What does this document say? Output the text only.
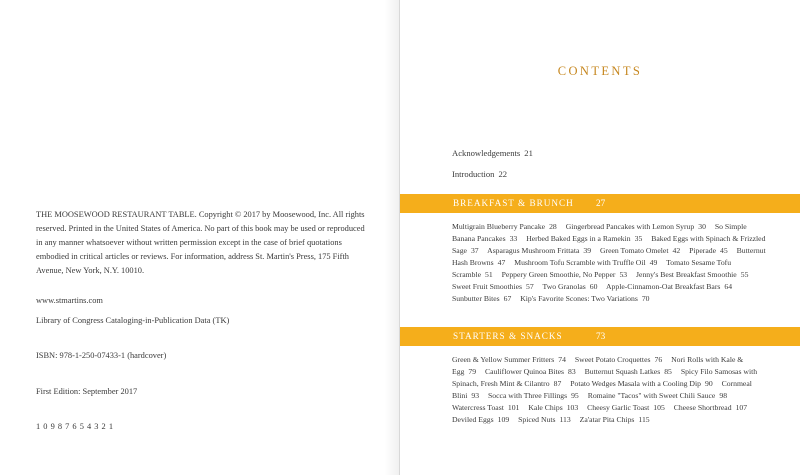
THE MOOSEWOOD RESTAURANT TABLE. Copyright © 2017 by Moosewood, Inc. All rights reserved. Printed in the United States of America. No part of this book may be used or reproduced in any manner whatsoever without written permission except in the case of brief quotations embodied in critical articles or reviews. For information, address St. Martin's Press, 175 Fifth Avenue, New York, N.Y. 10010.

www.stmartins.com
Library of Congress Cataloging-in-Publication Data (TK)
ISBN: 978-1-250-07433-1 (hardcover)
First Edition: September 2017
1 0 9 8 7 6 5 4 3 2 1
CONTENTS
Acknowledgements 21
Introduction 22
BREAKFAST & BRUNCH 27

Multigrain Blueberry Pancake 28 Gingerbread Pancakes with Lemon Syrup 30 So Simple Banana Pancakes 33 Herbed Baked Eggs in a Ramekin 35 Baked Eggs with Spinach & Frizzled Sage 37 Asparagus Mushroom Frittata 39 Green Tomato Omelet 42 Piperade 45 Butternut Hash Browns 47 Mushroom Tofu Scramble with Truffle Oil 49 Tomato Sesame Tofu Scramble 51 Peppery Green Smoothie, No Pepper 53 Jenny's Best Breakfast Smoothie 55 Sweet Fruit Smoothies 57 Two Granolas 60 Apple-Cinnamon-Oat Breakfast Bars 64 Sunbutter Bites 67 Kip's Favorite Scones: Two Variations 70

STARTERS & SNACKS	73

Green & Yellow Summer Fritters 74 Sweet Potato Croquettes 76 Nori Rolls with Kale & Egg 79 Cauliflower Quinoa Bites 83 Butternut Squash Latkes 85 Spicy Filo Samosas with Spinach, Fresh Mint & Cilantro 87 Potato Wedges Masala with a Cooling Dip 90 Cornmeal Blini 93 Socca with Three Fillings 95 Romaine "Tacos" with Sweet Chili Sauce 98 Watercress Toast 101 Kale Chips 103 Cheesy Garlic Toast 105 Cheese Shortbread 107 Deviled Eggs 109 Spiced Nuts 113 Za'atar Pita Chips 115
